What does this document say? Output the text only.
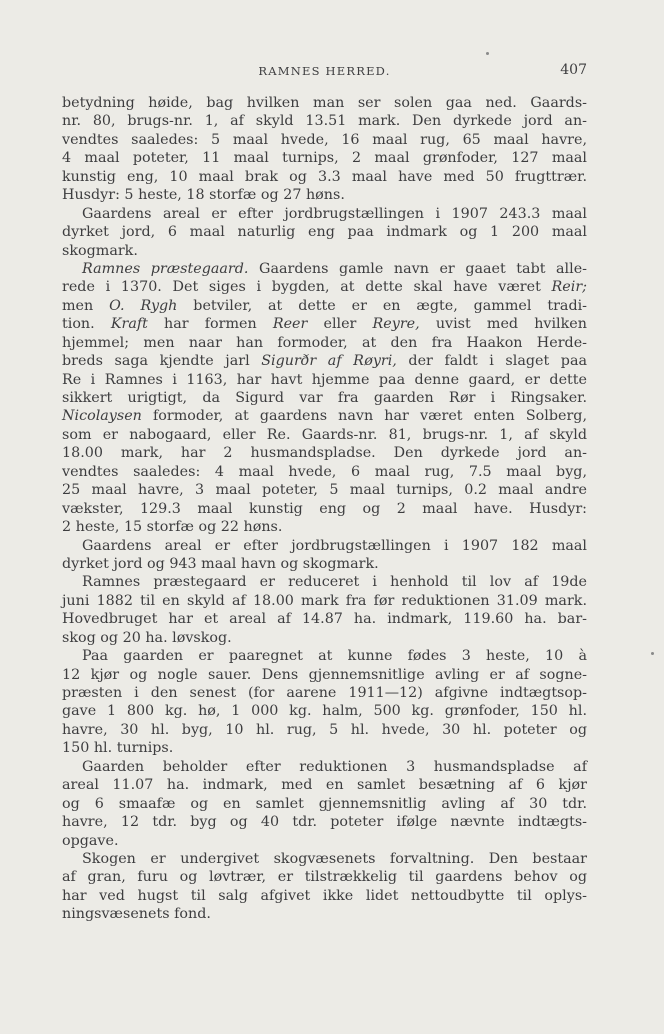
RAMNES HERRED.	407
betydning høide, bag hvilken man ser solen gaa ned. Gaards-
nr. 80, brugs-nr. 1, af skyld 13.51 mark. Den dyrkede jord an-
vendtes saaledes: 5 maal hvede, 16 maal rug, 65 maal havre,
4 maal poteter, 11 maal turnips, 2 maal grønfoder, 127 maal
kunstig eng, 10 maal brak og 3.3 maal have med 50 frugttrær.
Husdyr: 5 heste, 18 storfæ og 27 høns.
Gaardens areal er efter jordbrugstællingen i 1907 243.3 maal
dyrket jord, 6 maal naturlig eng paa indmark og 1 200 maal
skogmark.
Ramnes præstegaard. Gaardens gamle navn er gaaet tabt alle-
rede i 1370. Det siges i bygden, at dette skal have været Reir;
men O. Rygh betviler, at dette er en ægte, gammel tradi-
tion. Kraft har formen Reer eller Reyre, uvist med hvilken
hjemmel; men naar han formoder, at den fra Haakon Herde-
breds saga kjendte jarl Sigurðr af Røyri, der faldt i slaget paa
Re i Ramnes i 1163, har havt hjemme paa denne gaard, er dette
sikkert urigtigt, da Sigurd var fra gaarden Rør i Ringsaker.
Nicolaysen formoder, at gaardens navn har været enten Solberg,
som er nabogaard, eller Re. Gaards-nr. 81, brugs-nr. 1, af skyld
18.00 mark, har 2 husmandspladse. Den dyrkede jord an-
vendtes saaledes: 4 maal hvede, 6 maal rug, 7.5 maal byg,
25 maal havre, 3 maal poteter, 5 maal turnips, 0.2 maal andre
vækster, 129.3 maal kunstig eng og 2 maal have. Husdyr:
2 heste, 15 storfæ og 22 høns.
Gaardens areal er efter jordbrugstællingen i 1907 182 maal
dyrket jord og 943 maal havn og skogmark.
Ramnes præstegaard er reduceret i henhold til lov af 19de
juni 1882 til en skyld af 18.00 mark fra før reduktionen 31.09 mark.
Hovedbruget har et areal af 14.87 ha. indmark, 119.60 ha. bar-
skog og 20 ha. løvskog.
Paa gaarden er paaregnet at kunne fødes 3 heste, 10 à
12 kjør og nogle sauer. Dens gjennemsnitlige avling er af sogne-
præsten i den senest (for aarene 1911—12) afgivne indtægtsop-
gave 1 800 kg. hø, 1 000 kg. halm, 500 kg. grønfoder, 150 hl.
havre, 30 hl. byg, 10 hl. rug, 5 hl. hvede, 30 hl. poteter og
150 hl. turnips.
Gaarden beholder efter reduktionen 3 husmandspladse af
areal 11.07 ha. indmark, med en samlet besætning af 6 kjør
og 6 smaafæ og en samlet gjennemsnitlig avling af 30 tdr.
havre, 12 tdr. byg og 40 tdr. poteter ifølge nævnte indtægts-
opgave.
Skogen er undergivet skogvæsenets forvaltning. Den bestaar
af gran, furu og løvtrær, er tilstrækkelig til gaardens behov og
har ved hugst til salg afgivet ikke lidet nettoudbytte til oplys-
ningsvæsenets fond.
